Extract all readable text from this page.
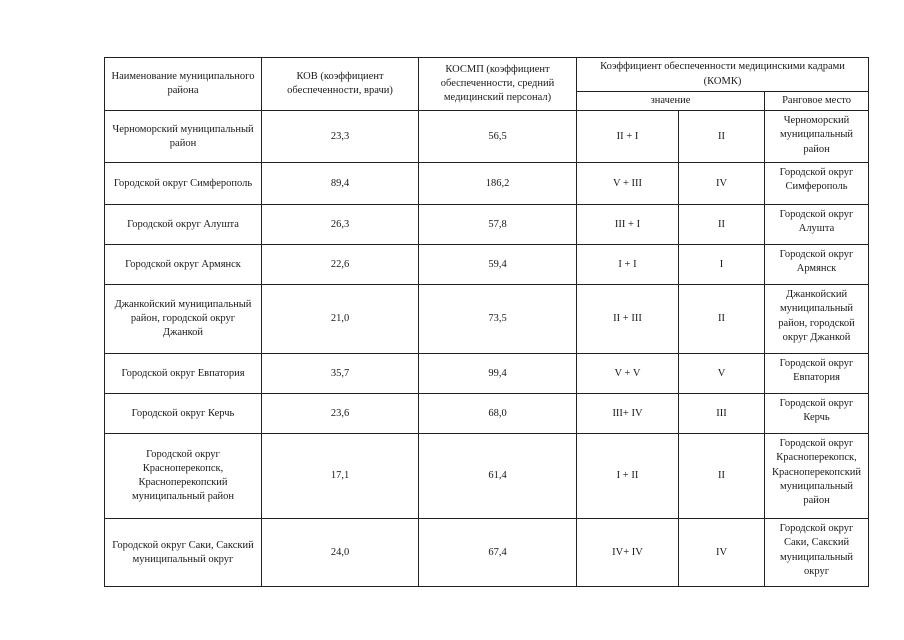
Наименование муниципального района	КОВ (коэффициент обеспеченности, врачи)	КОСМП (коэффициент обеспеченности, средний медицинский персонал)	Коэффициент обеспеченности медицинскими кадрами (КОМК)		
			значение		Ранговое место
Черноморский муниципальный район	23,3	56,5	II + I	II	Черноморский муниципальный район
Городской округ Симферополь	89,4	186,2	V + III	IV	Городской округ Симферополь
Городской округ Алушта	26,3	57,8	III + I	II	Городской округ Алушта
Городской округ Армянск	22,6	59,4	I + I	I	Городской округ Армянск
Джанкойский муниципальный район, городской округ Джанкой	21,0	73,5	II + III	II	Джанкойский муниципальный район, городской округ Джанкой
Городской округ Евпатория	35,7	99,4	V + V	V	Городской округ Евпатория
Городской округ Керчь	23,6	68,0	III+ IV	III	Городской округ Керчь
Городской округ Красноперекопск, Красноперекопский муниципальный район	17,1	61,4	I + II	II	Городской округ Красноперекопск, Красноперекопский муниципальный район
Городской округ Саки, Сакский муниципальный округ	24,0	67,4	IV+ IV	IV	Городской округ Саки, Сакский муниципальный округ
